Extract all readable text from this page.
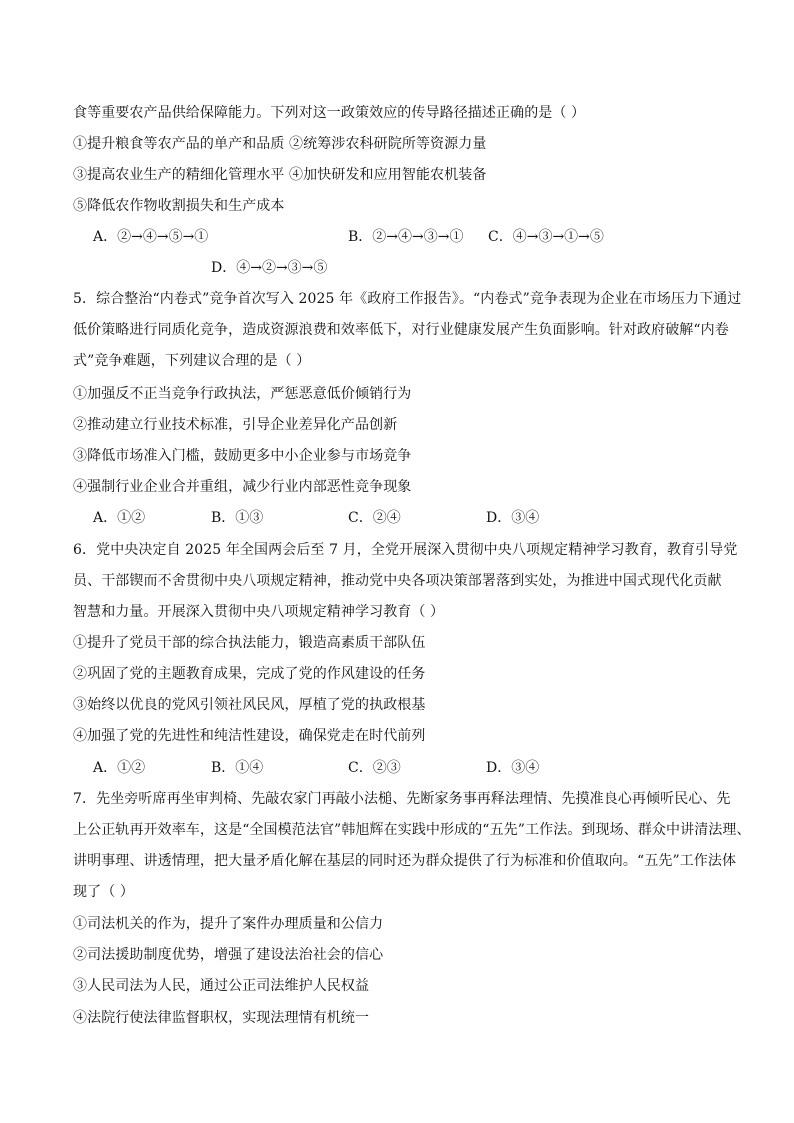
食等重要农产品供给保障能力。下列对这一政策效应的传导路径描述正确的是（ ）
①提升粮食等农产品的单产和品质 ②统筹涉农科研院所等资源力量
③提高农业生产的精细化管理水平 ④加快研发和应用智能农机装备
⑤降低农作物收割损失和生产成本
A．②→④→⑤→①	B．②→④→③→① C．④→③→①→⑤
D．④→②→③→⑤
5．综合整治“内卷式”竞争首次写入 2025 年《政府工作报告》。“内卷式”竞争表现为企业在市场压力下通过
低价策略进行同质化竞争，造成资源浪费和效率低下，对行业健康发展产生负面影响。针对政府破解“内卷
式”竞争难题，下列建议合理的是（ ）
①加强反不正当竞争行政执法，严惩恶意低价倾销行为
②推动建立行业技术标准，引导企业差异化产品创新
③降低市场准入门槛，鼓励更多中小企业参与市场竞争
④强制行业企业合并重组，减少行业内部恶性竞争现象
A．①②	B．①③	C．②④	D．③④
6．党中央决定自 2025 年全国两会后至 7 月，全党开展深入贯彻中央八项规定精神学习教育，教育引导党
员、干部锲而不舍贯彻中央八项规定精神，推动党中央各项决策部署落到实处，为推进中国式现代化贡献
智慧和力量。开展深入贯彻中央八项规定精神学习教育（ ）
①提升了党员干部的综合执法能力，锻造高素质干部队伍
②巩固了党的主题教育成果，完成了党的作风建设的任务
③始终以优良的党风引领社风民风，厚植了党的执政根基
④加强了党的先进性和纯洁性建设，确保党走在时代前列
A．①②	B．①④	C．②③	D．③④
7．先坐旁听席再坐审判椅、先敲农家门再敲小法槌、先断家务事再释法理情、先摸准良心再倾听民心、先
上公正轨再开效率车，这是“全国模范法官”韩旭辉在实践中形成的“五先”工作法。到现场、群众中讲清法理、
讲明事理、讲透情理，把大量矛盾化解在基层的同时还为群众提供了行为标准和价值取向。“五先”工作法体
现了（ ）
①司法机关的作为，提升了案件办理质量和公信力
②司法援助制度优势，增强了建设法治社会的信心
③人民司法为人民，通过公正司法维护人民权益
④法院行使法律监督职权，实现法理情有机统一
